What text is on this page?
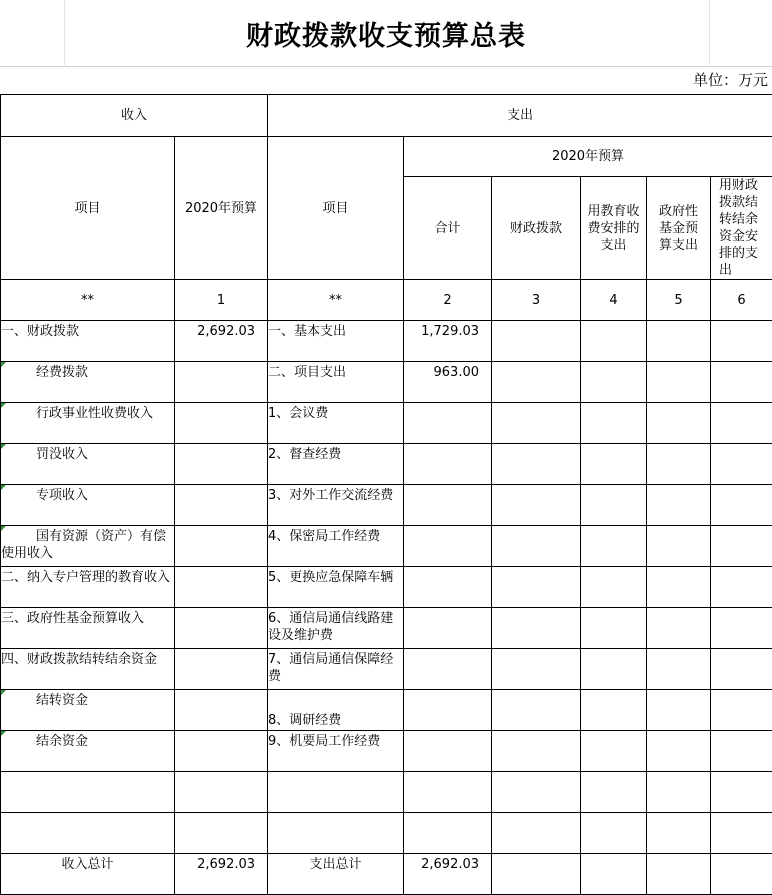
财政拨款收支预算总表
单位：万元
收入		支出					
项目	2020年预算	项目	2020年预算				
			合计	财政拨款	用教育收费安排的支出	政府性基金预算支出	用财政拨款结转结余资金安排的支出
**	1	**	2	3	4	5	6
一、财政拨款	2,692.03	一、基本支出	1,729.03				
经费拨款		二、项目支出	963.00				
行政事业性收费收入		1、会议费					
罚没收入		2、督查经费					
专项收入		3、对外工作交流经费					
国有资源（资产）有偿使用收入		4、保密局工作经费					
二、纳入专户管理的教育收入		5、更换应急保障车辆					
三、政府性基金预算收入		6、通信局通信线路建设及维护费					
四、财政拨款结转结余资金		7、通信局通信保障经费					
结转资金		8、调研经费					
结余资金		9、机要局工作经费					

收入总计	2,692.03	支出总计	2,692.03				
